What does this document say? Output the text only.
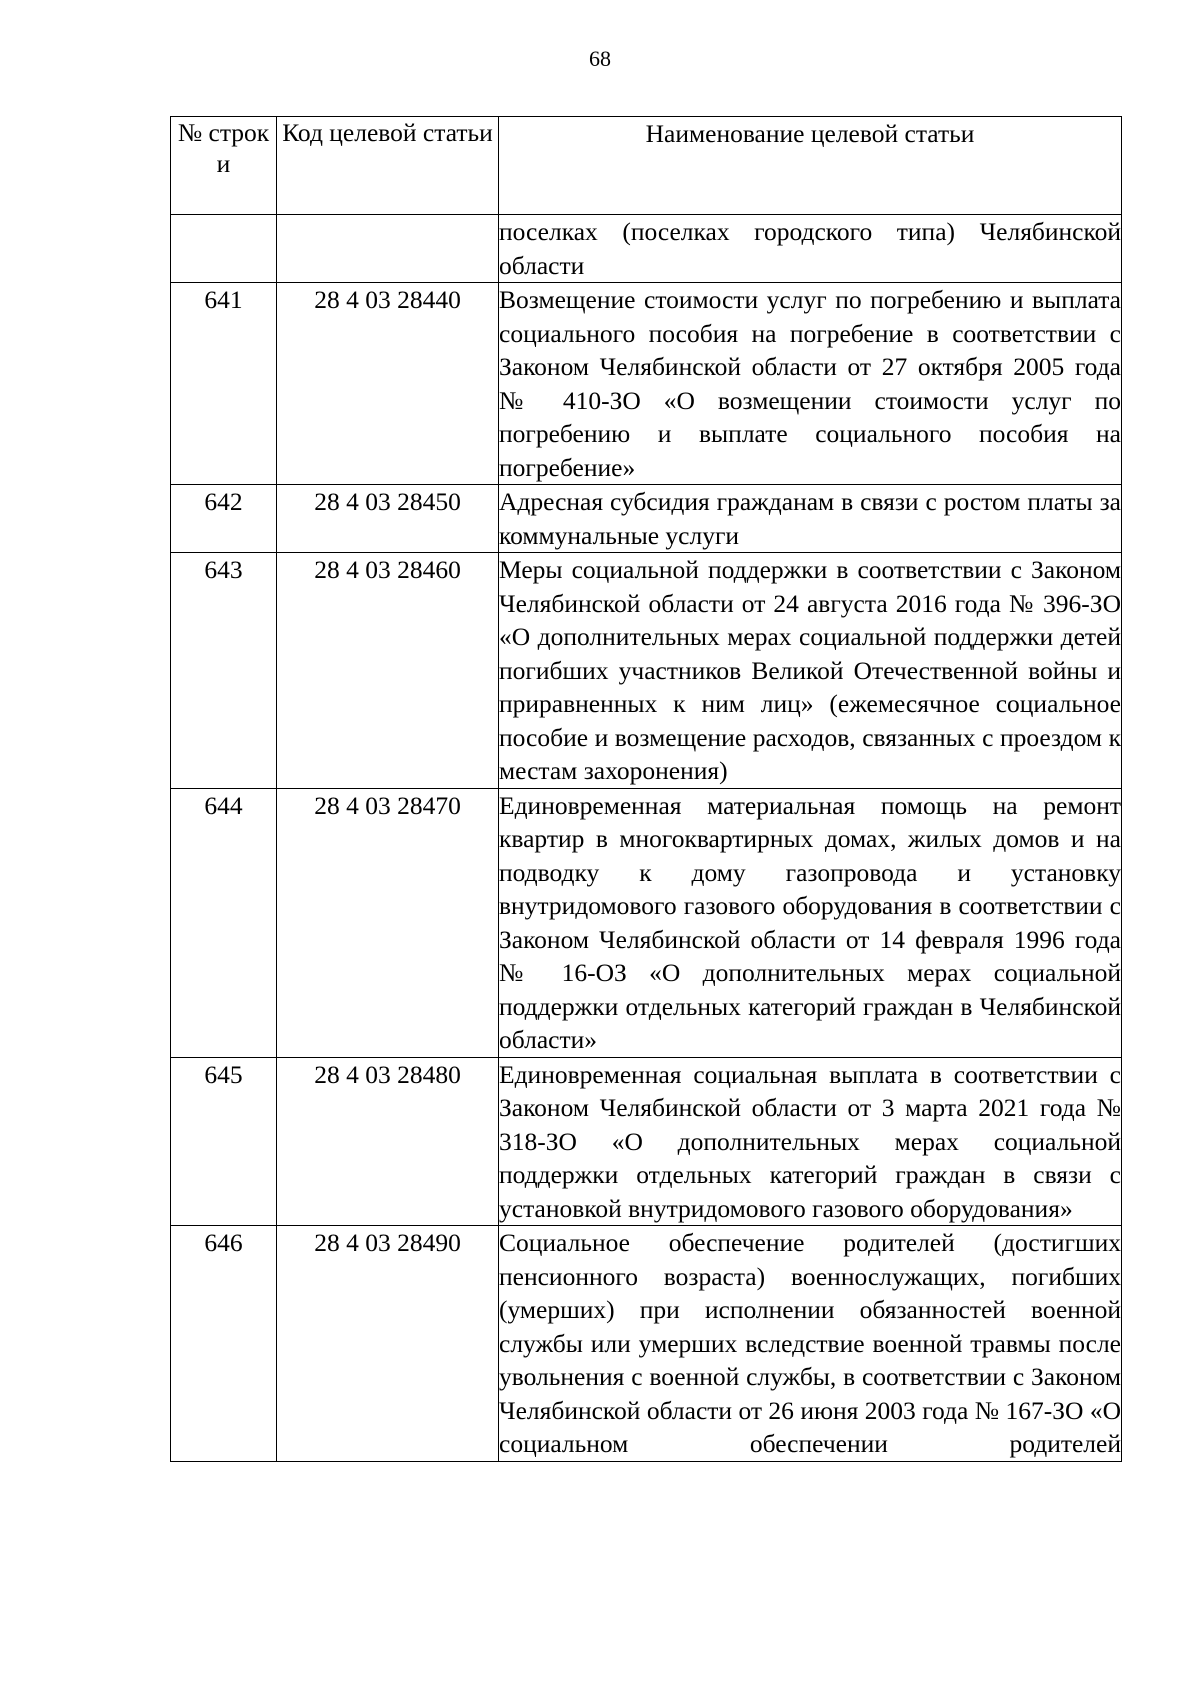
68
№ строк и	Код целевой статьи	Наименование целевой статьи
		поселках (поселках городского типа) Челябинской области
641	28 4 03 28440	Возмещение стоимости услуг по погребению и выплата социального пособия на погребение в соответствии с Законом Челябинской области от 27 октября 2005 года № 410-ЗО «О возмещении стоимости услуг по погребению и выплате социального пособия на погребение»
642	28 4 03 28450	Адресная субсидия гражданам в связи с ростом платы за коммунальные услуги
643	28 4 03 28460	Меры социальной поддержки в соответствии с Законом Челябинской области от 24 августа 2016 года № 396-ЗО «О дополнительных мерах социальной поддержки детей погибших участников Великой Отечественной войны и приравненных к ним лиц» (ежемесячное социальное пособие и возмещение расходов, связанных с проездом к местам захоронения)
644	28 4 03 28470	Единовременная материальная помощь на ремонт квартир в многоквартирных домах, жилых домов и на подводку к дому газопровода и установку внутридомового газового оборудования в соответствии с Законом Челябинской области от 14 февраля 1996 года № 16-ОЗ «О дополнительных мерах социальной поддержки отдельных категорий граждан в Челябинской области»
645	28 4 03 28480	Единовременная социальная выплата в соответствии с Законом Челябинской области от 3 марта 2021 года № 318-ЗО «О дополнительных мерах социальной поддержки отдельных категорий граждан в связи с установкой внутридомового газового оборудования»
646	28 4 03 28490	Социальное обеспечение родителей (достигших пенсионного возраста) военнослужащих, погибших (умерших) при исполнении обязанностей военной службы или умерших вследствие военной травмы после увольнения с военной службы, в соответствии с Законом Челябинской области от 26 июня 2003 года № 167-ЗО «О социальном обеспечении родителей
